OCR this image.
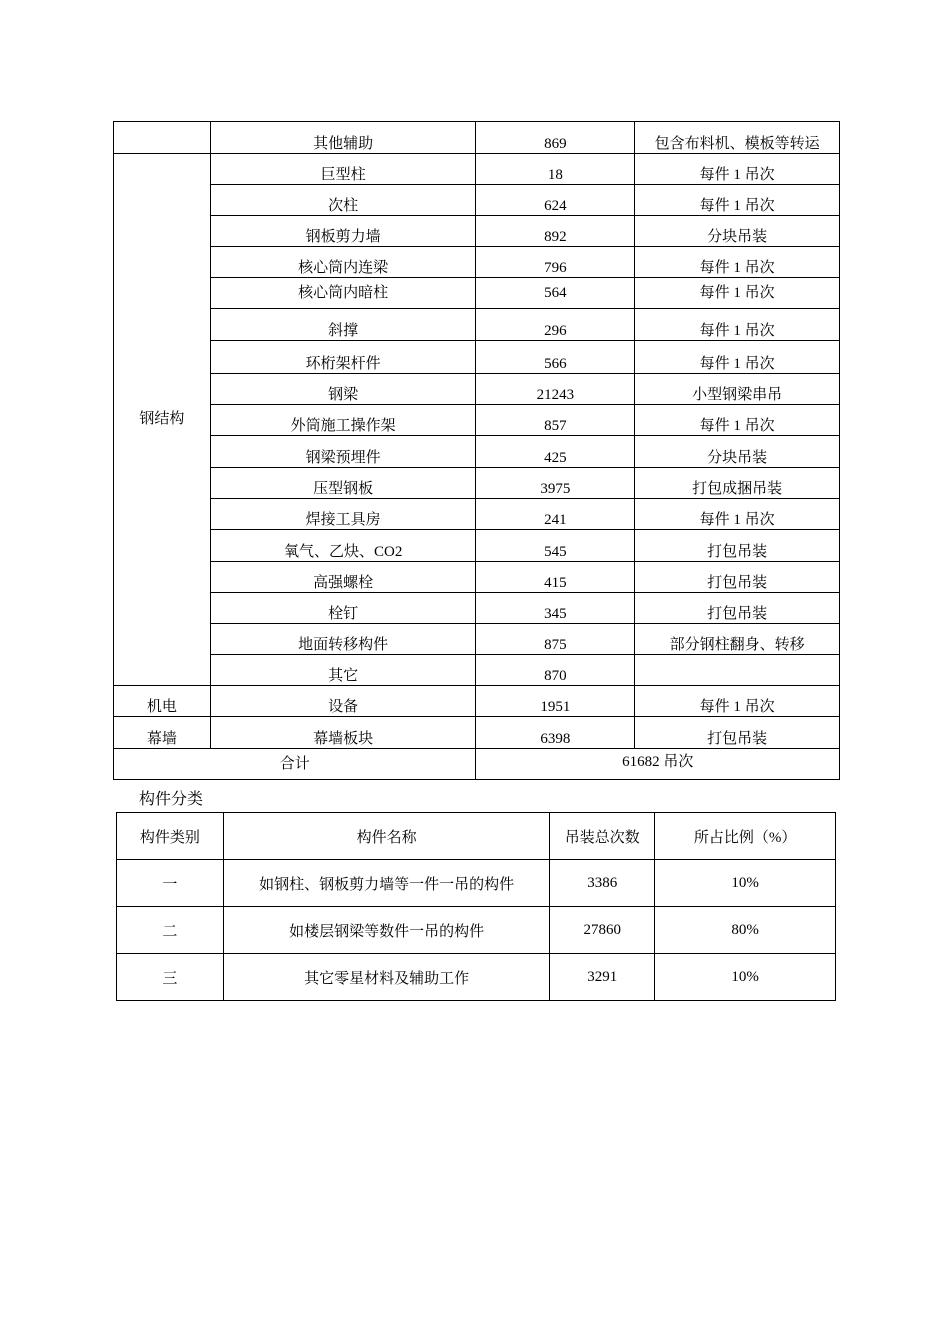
	其他辅助	869	包含布料机、模板等转运
钢结构	巨型柱	18	每件 1 吊次
	次柱	624	每件 1 吊次
	钢板剪力墙	892	分块吊装
	核心筒内连梁	796	每件 1 吊次
	核心筒内暗柱	564	每件 1 吊次
	斜撑	296	每件 1 吊次
	环桁架杆件	566	每件 1 吊次
	钢梁	21243	小型钢梁串吊
	外筒施工操作架	857	每件 1 吊次
	钢梁预埋件	425	分块吊装
	压型钢板	3975	打包成捆吊装
	焊接工具房	241	每件 1 吊次
	氧气、乙炔、CO2	545	打包吊装
	高强螺栓	415	打包吊装
	栓钉	345	打包吊装
	地面转移构件	875	部分钢柱翻身、转移
	其它	870	
机电	设备	1951	每件 1 吊次
幕墙	幕墙板块	6398	打包吊装
合计		61682 吊次	
构件分类
构件类别	构件名称	吊装总次数	所占比例（%）
一	如钢柱、钢板剪力墙等一件一吊的构件	3386	10%
二	如楼层钢梁等数件一吊的构件	27860	80%
三	其它零星材料及辅助工作	3291	10%
